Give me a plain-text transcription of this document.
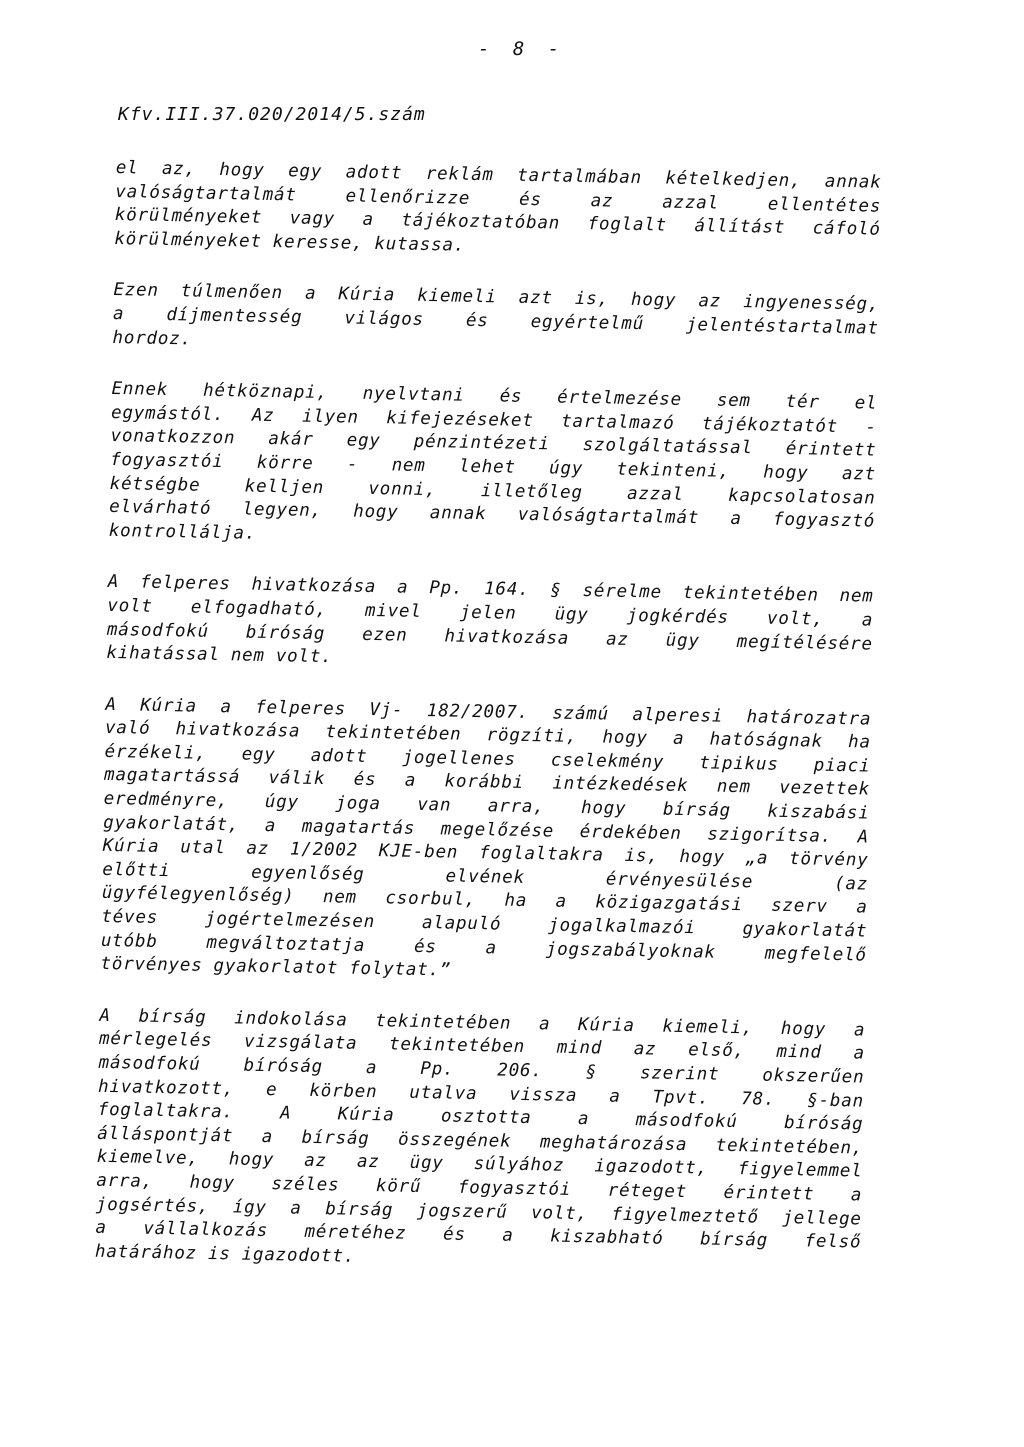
- 8 -
Kfv.III.37.020/2014/5.szám
el az, hogy egy adott reklám tartalmában kételkedjen, annak
valóságtartalmát	ellenőrizze	és	az	azzal	ellentétes
körülményeket vagy a tájékoztatóban foglalt állítást cáfoló
körülményeket keresse, kutassa.
Ezen túlmenően a Kúria kiemeli azt is, hogy az ingyenesség,
a díjmentesség világos és egyértelmű jelentéstartalmat
hordoz.
Ennek hétköznapi, nyelvtani és értelmezése sem tér el
egymástól. Az ilyen kifejezéseket tartalmazó tájékoztatót -
vonatkozzon akár egy pénzintézeti szolgáltatással érintett
fogyasztói körre - nem lehet úgy tekinteni, hogy azt
kétségbe	kelljen	vonni,	illetőleg	azzal	kapcsolatosan
elvárható legyen, hogy annak valóságtartalmát a fogyasztó
kontrollálja.
A felperes hivatkozása a Pp. 164. § sérelme tekintetében nem
volt elfogadható, mivel jelen ügy jogkérdés volt, a
másodfokú bíróság ezen hivatkozása az ügy megítélésére
kihatással nem volt.
A Kúria a felperes Vj- 182/2007. számú alperesi határozatra
való hivatkozása tekintetében rögzíti, hogy a hatóságnak ha
érzékeli, egy adott jogellenes cselekmény tipikus piaci
magatartássá válik és a korábbi intézkedések nem vezettek
eredményre, úgy joga van arra, hogy bírság kiszabási
gyakorlatát, a magatartás megelőzése érdekében szigorítsa. A
Kúria utal az 1/2002 KJE-ben foglaltakra is, hogy „a törvény
előtti	egyenlőség	elvének	érvényesülése	(az
ügyfélegyenlőség) nem csorbul, ha a közigazgatási szerv a
téves	jogértelmezésen	alapuló	jogalkalmazói	gyakorlatát
utóbb	megváltoztatja	és	a	jogszabályoknak	megfelelő
törvényes gyakorlatot folytat.”
A bírság indokolása tekintetében a Kúria kiemeli, hogy a
mérlegelés vizsgálata tekintetében mind az első, mind a
másodfokú bíróság a Pp. 206. § szerint okszerűen
hivatkozott, e körben utalva vissza a Tpvt. 78. §-ban
foglaltakra.	A	Kúria	osztotta	a	másodfokú	bíróság
álláspontját a bírság összegének meghatározása tekintetében,
kiemelve, hogy az az ügy súlyához igazodott, figyelemmel
arra, hogy széles körű fogyasztói réteget érintett a
jogsértés, így a bírság jogszerű volt, figyelmeztető jellege
a vállalkozás méretéhez és a kiszabható bírság felső
határához is igazodott.
